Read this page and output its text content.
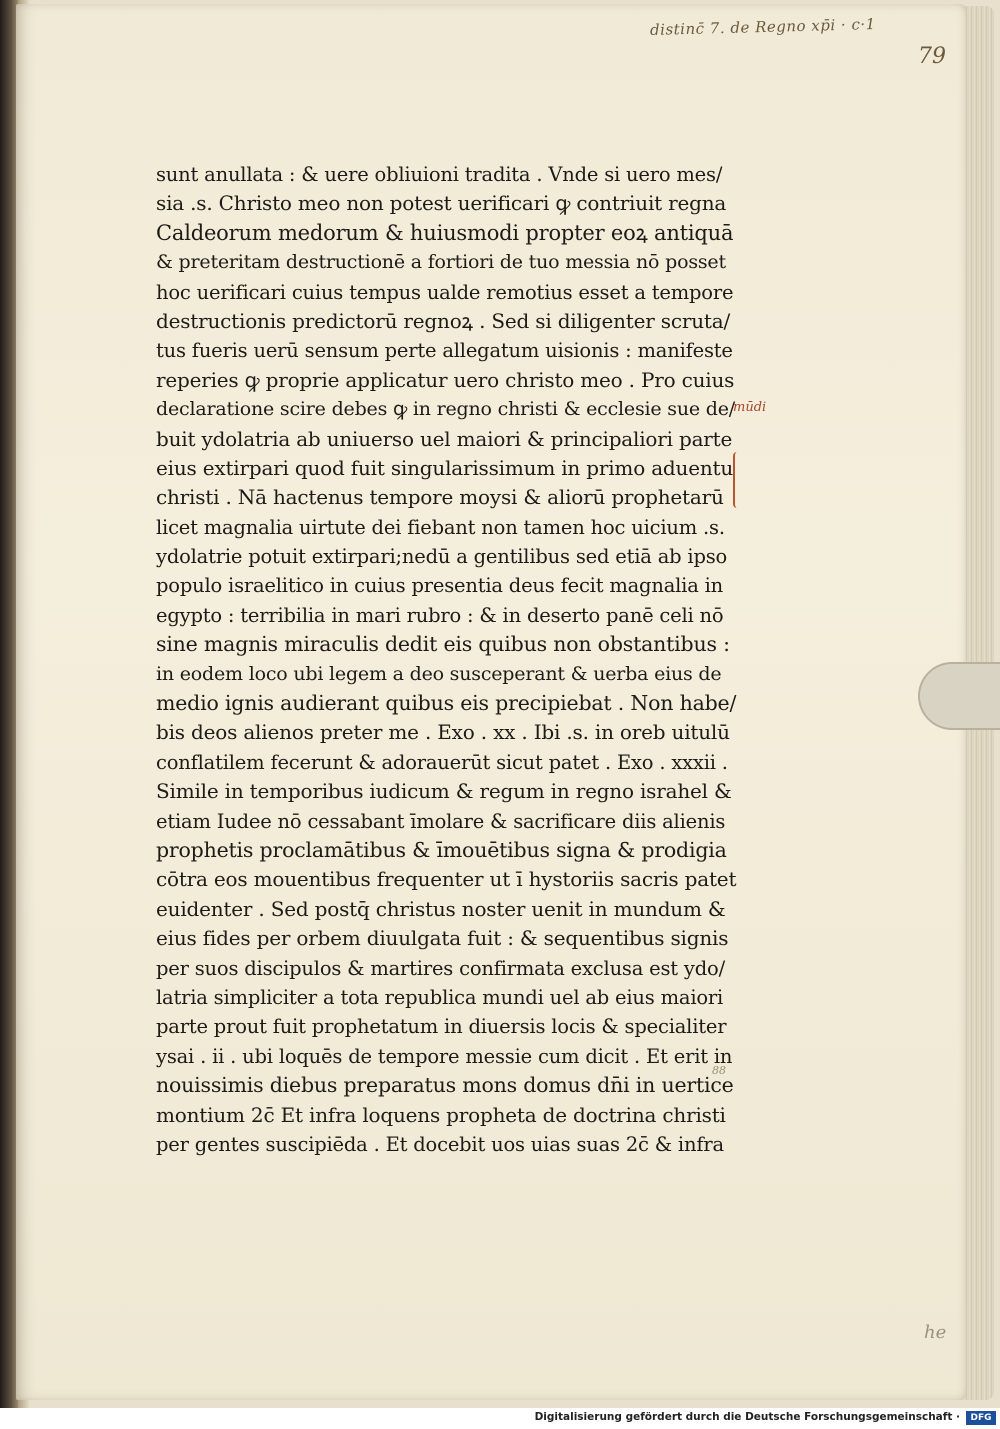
distinc̄ 7. de Regno xp̄i · c·1
79
sunt anullata : & uere obliuioni tradita . Vnde si uero mes/
sia .s. Christo meo non potest uerificari ꝙ contriuit regna
Caldeorum medorum & huiusmodi propter eoꝝ antiquā
& preteritam destructionē a fortiori de tuo messia nō posset
hoc uerificari cuius tempus ualde remotius esset a tempore
destructionis predictorū regnoꝝ . Sed si diligenter scruta/
tus fueris uerū sensum perte allegatum uisionis : manifeste
reperies ꝙ proprie applicatur uero christo meo . Pro cuius
declaratione scire debes ꝙ in regno christi & ecclesie sue de/
buit ydolatria ab uniuerso uel maiori & principaliori parte
eius extirpari quod fuit singularissimum in primo aduentu
christi . Nā hactenus tempore moysi & aliorū prophetarū
licet magnalia uirtute dei fiebant non tamen hoc uicium .s.
ydolatrie potuit extirpari;nedū a gentilibus sed etiā ab ipso
populo israelitico in cuius presentia deus fecit magnalia in
egypto : terribilia in mari rubro : & in deserto panē celi nō
sine magnis miraculis dedit eis quibus non obstantibus :
in eodem loco ubi legem a deo susceperant & uerba eius de
medio ignis audierant quibus eis precipiebat . Non habe/
bis deos alienos preter me . Exo . xx . Ibi .s. in oreb uitulū
conflatilem fecerunt & adorauerūt sicut patet . Exo . xxxii .
Simile in temporibus iudicum & regum in regno israhel &
etiam Iudee nō cessabant īmolare & sacrificare diis alienis
prophetis proclamātibus & īmouētibus signa & prodigia
cōtra eos mouentibus frequenter ut ī hystoriis sacris patet
euidenter . Sed postq̄ christus noster uenit in mundum &
eius fides per orbem diuulgata fuit : & sequentibus signis
per suos discipulos & martires confirmata exclusa est ydo/
latria simpliciter a tota republica mundi uel ab eius maiori
parte prout fuit prophetatum in diuersis locis & specialiter
ysai . ii . ubi loquēs de tempore messie cum dicit . Et erit in
nouissimis diebus preparatus mons domus dn̄i in uertice
montium 2c̄ Et infra loquens propheta de doctrina christi
per gentes suscipiēda . Et docebit uos uias suas 2c̄ & infra
mūdi
88
he
Digitalisierung gefördert durch die Deutsche Forschungsgemeinschaft ·	DFG
